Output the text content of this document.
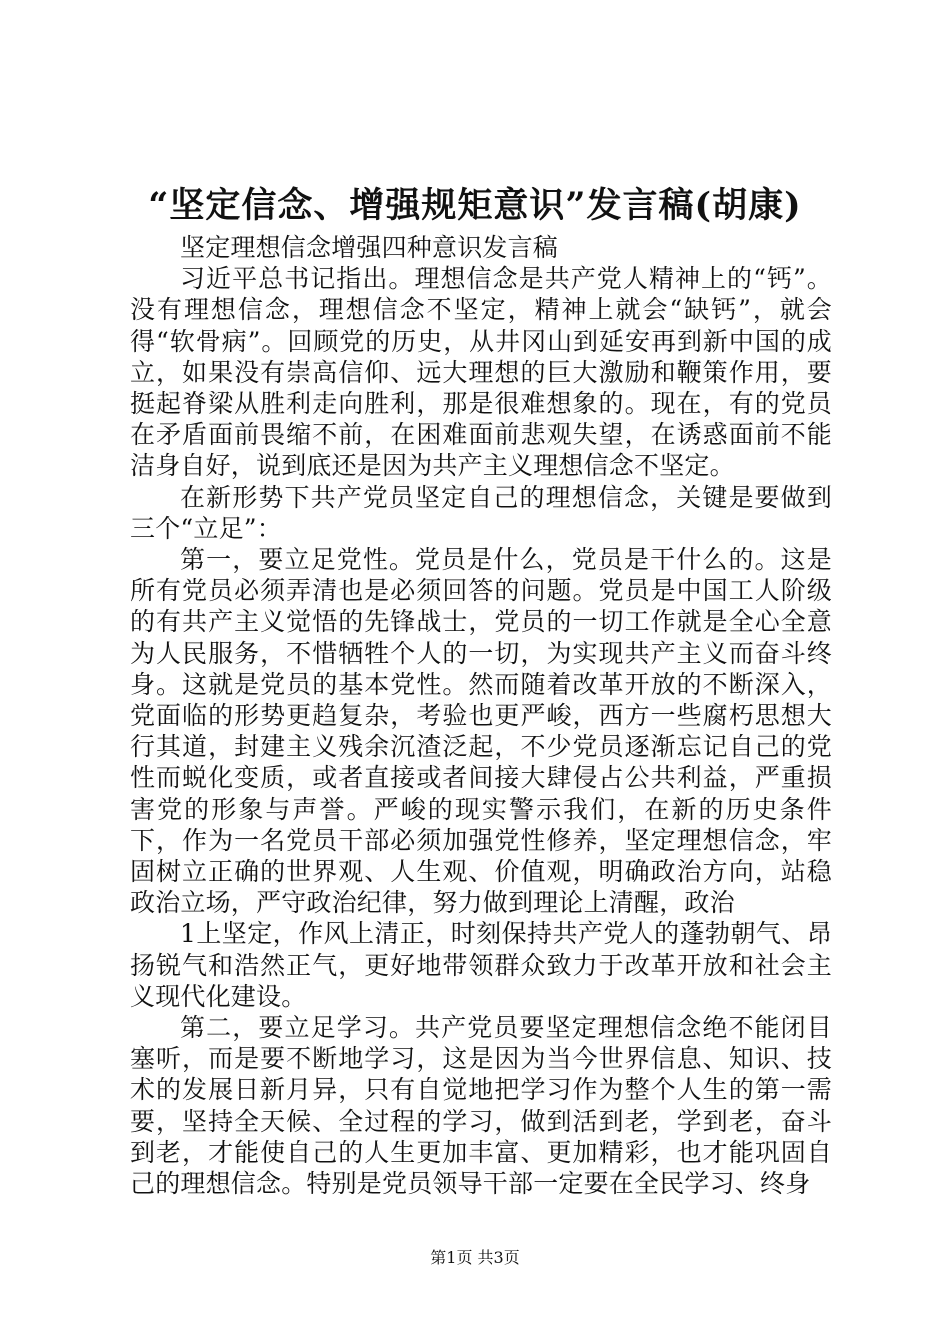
“坚定信念、增强规矩意识”发言稿(胡康)

坚定理想信念增强四种意识发言稿

习近平总书记指出。理想信念是共产党人精神上的“钙”。没有理想信念，理想信念不坚定，精神上就会“缺钙”，就会得“软骨病”。回顾党的历史，从井冈山到延安再到新中国的成立，如果没有崇高信仰、远大理想的巨大激励和鞭策作用，要挺起脊梁从胜利走向胜利，那是很难想象的。现在，有的党员在矛盾面前畏缩不前，在困难面前悲观失望，在诱惑面前不能洁身自好，说到底还是因为共产主义理想信念不坚定。

在新形势下共产党员坚定自己的理想信念，关键是要做到三个“立足”：

第一，要立足党性。党员是什么，党员是干什么的。这是所有党员必须弄清也是必须回答的问题。党员是中国工人阶级的有共产主义觉悟的先锋战士，党员的一切工作就是全心全意为人民服务，不惜牺牲个人的一切，为实现共产主义而奋斗终身。这就是党员的基本党性。然而随着改革开放的不断深入，党面临的形势更趋复杂，考验也更严峻，西方一些腐朽思想大行其道，封建主义残余沉渣泛起，不少党员逐渐忘记自己的党性而蜕化变质，或者直接或者间接大肆侵占公共利益，严重损害党的形象与声誉。严峻的现实警示我们，在新的历史条件下，作为一名党员干部必须加强党性修养，坚定理想信念，牢固树立正确的世界观、人生观、价值观，明确政治方向，站稳政治立场，严守政治纪律，努力做到理论上清醒，政治

1上坚定，作风上清正，时刻保持共产党人的蓬勃朝气、昂扬锐气和浩然正气，更好地带领群众致力于改革开放和社会主义现代化建设。

第二，要立足学习。共产党员要坚定理想信念绝不能闭目塞听，而是要不断地学习，这是因为当今世界信息、知识、技术的发展日新月异，只有自觉地把学习作为整个人生的第一需要，坚持全天候、全过程的学习，做到活到老，学到老，奋斗到老，才能使自己的人生更加丰富、更加精彩，也才能巩固自己的理想信念。特别是党员领导干部一定要在全民学习、终身

第1页 共3页
